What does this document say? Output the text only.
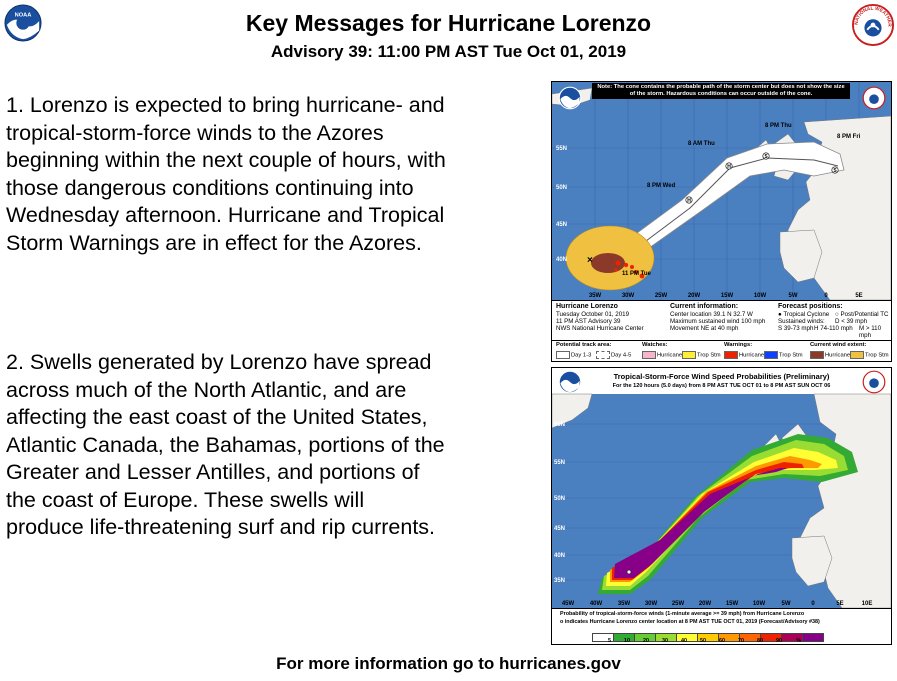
NOAA
NATIONAL WEATHER
Key Messages for Hurricane Lorenzo
Advisory 39: 11:00 PM AST Tue Oct 01, 2019
1. Lorenzo is expected to bring hurricane- and tropical-storm-force winds to the Azores beginning within the next couple of hours, with those dangerous conditions continuing into Wednesday afternoon. Hurricane and Tropical Storm Warnings are in effect for the Azores.
2. Swells generated by Lorenzo have spread across much of the North Atlantic, and are affecting the east coast of the United States, Atlantic Canada, the Bahamas, portions of the Greater and Lesser Antilles, and portions of the coast of Europe. These swells will produce life-threatening surf and rip currents.
H
H
S
S
×
11 PM Tue
8 PM Wed
8 AM Thu
8 PM Thu
8 PM Fri
55N
50N
45N
40N
35W	30W	25W	20W	15W	10W	5W	0	5E
Note: The cone contains the probable path of the storm center but does not show the size of the storm. Hazardous conditions can occur outside of the cone.
Hurricane Lorenzo
Tuesday October 01, 2019
11 PM AST Advisory 39
NWS National Hurricane Center
Current information:
Center location 39.1 N 32.7 W
Maximum sustained wind 100 mph
Movement NE at 40 mph
Forecast positions:
● Tropical Cyclone ○ Post/Potential TC
Sustained winds: D < 39 mph
S 39-73 mph H 74-110 mph M > 110 mph
Potential track area:
Day 1-3	Day 4-5
Watches:
Hurricane	Trop Stm
Warnings:
Hurricane	Trop Stm
Current wind extent:
Hurricane	Trop Stm
60N
55N
50N
45N
40N
35N
45W	40W	35W 30W 25W 20W 15W 10W	5W	0	5E	10E
Tropical-Storm-Force Wind Speed Probabilities (Preliminary)
For the 120 hours (5.0 days) from 8 PM AST TUE OCT 01 to 8 PM AST SUN OCT 06
Probability of tropical-storm-force winds (1-minute average >= 39 mph) from Hurricane Lorenzo
o indicates Hurricane Lorenzo center location at 8 PM AST TUE OCT 01, 2019 (Forecast/Advisory #38)
5 10 20 30 40 50 60 70 80 90	%
For more information go to hurricanes.gov
